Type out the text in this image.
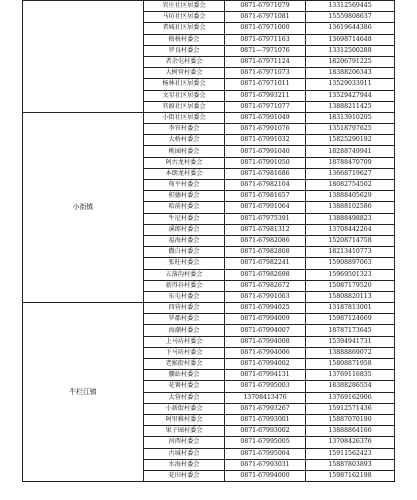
	官庄社区居委会	0871-67971079	13312569445
	马坊社区居委会	0871-67971081	15559808637
	者城社区居委会	0871-67971000	13619644386
	格税村委会	0871-67971163	13698714648
	罗良村委会	0871—7971076	13312500288
	者余屯村委会	0871-67971124	18206791225
	大树营村委会	0871-67971073	18388206343
	杨林社区居委会	0871-67971011	13529033911
	文星社区居委会	0871-67993211	13529427944
	官渡社区居委会	0871-67971077	13888211425
小街镇	小街社区居委会	0871-67991049	18313910205
	李官村委会	0871-67991076	13518797625
	大桥村委会	0871-67991032	15825290192
	桃园村委会	0871-67991040	18288749941
	阿古龙村委会	0871-67991050	18788470709
	本朗龙村委会	0871-67981686	13668719627
	甸平村委会	0871-67982104	18082754502
	积德村委会	0871-67981657	13888405629
	哈前村委会	0871-67991064	13888102586
	牛尼村委会	0871-67975391	13888498823
	溪郎村委会	0871-67981312	13708442264
	福海村委会	0871-67982086	15208714758
	撒白村委会	0871-67982808	18213410773
	张旺村委会	0871-67982241	15908897063
	五落沟村委会	0871-67982698	15969501323
	新得谷村委会	0871-67982672	15087179520
	东屯村委会	0871-67991063	15808820113
牛栏江镇	四营村委会	0871-67994025	13187813001
	罗郡村委会	0871-67994009	15987124669
	海潮村委会	0871-67994007	18787173645
	上马坊村委会	0871-67994008	15394941731
	下马坊村委会	0871-67994006	13888869072
	老猴街村委会	0871-67994002	15808871958
	腰站村委会	0871-67994131	13769116835
	花箐村委会	0871-67995003	18388286554
	大营村委会	13708413476	13769162906
	小新街村委会	0871-67993267	15912571436
	阿里雅村委会	0871-67993001	15887070190
	果子园村委会	0871-67993002	13888864166
	河西村委会	0871-67995005	13708426376
	古城村委会	0871-67995004	15911562423
	水海村委会	0871-67993031	15887803893
	花田村委会	0871-67994000	15987162198
